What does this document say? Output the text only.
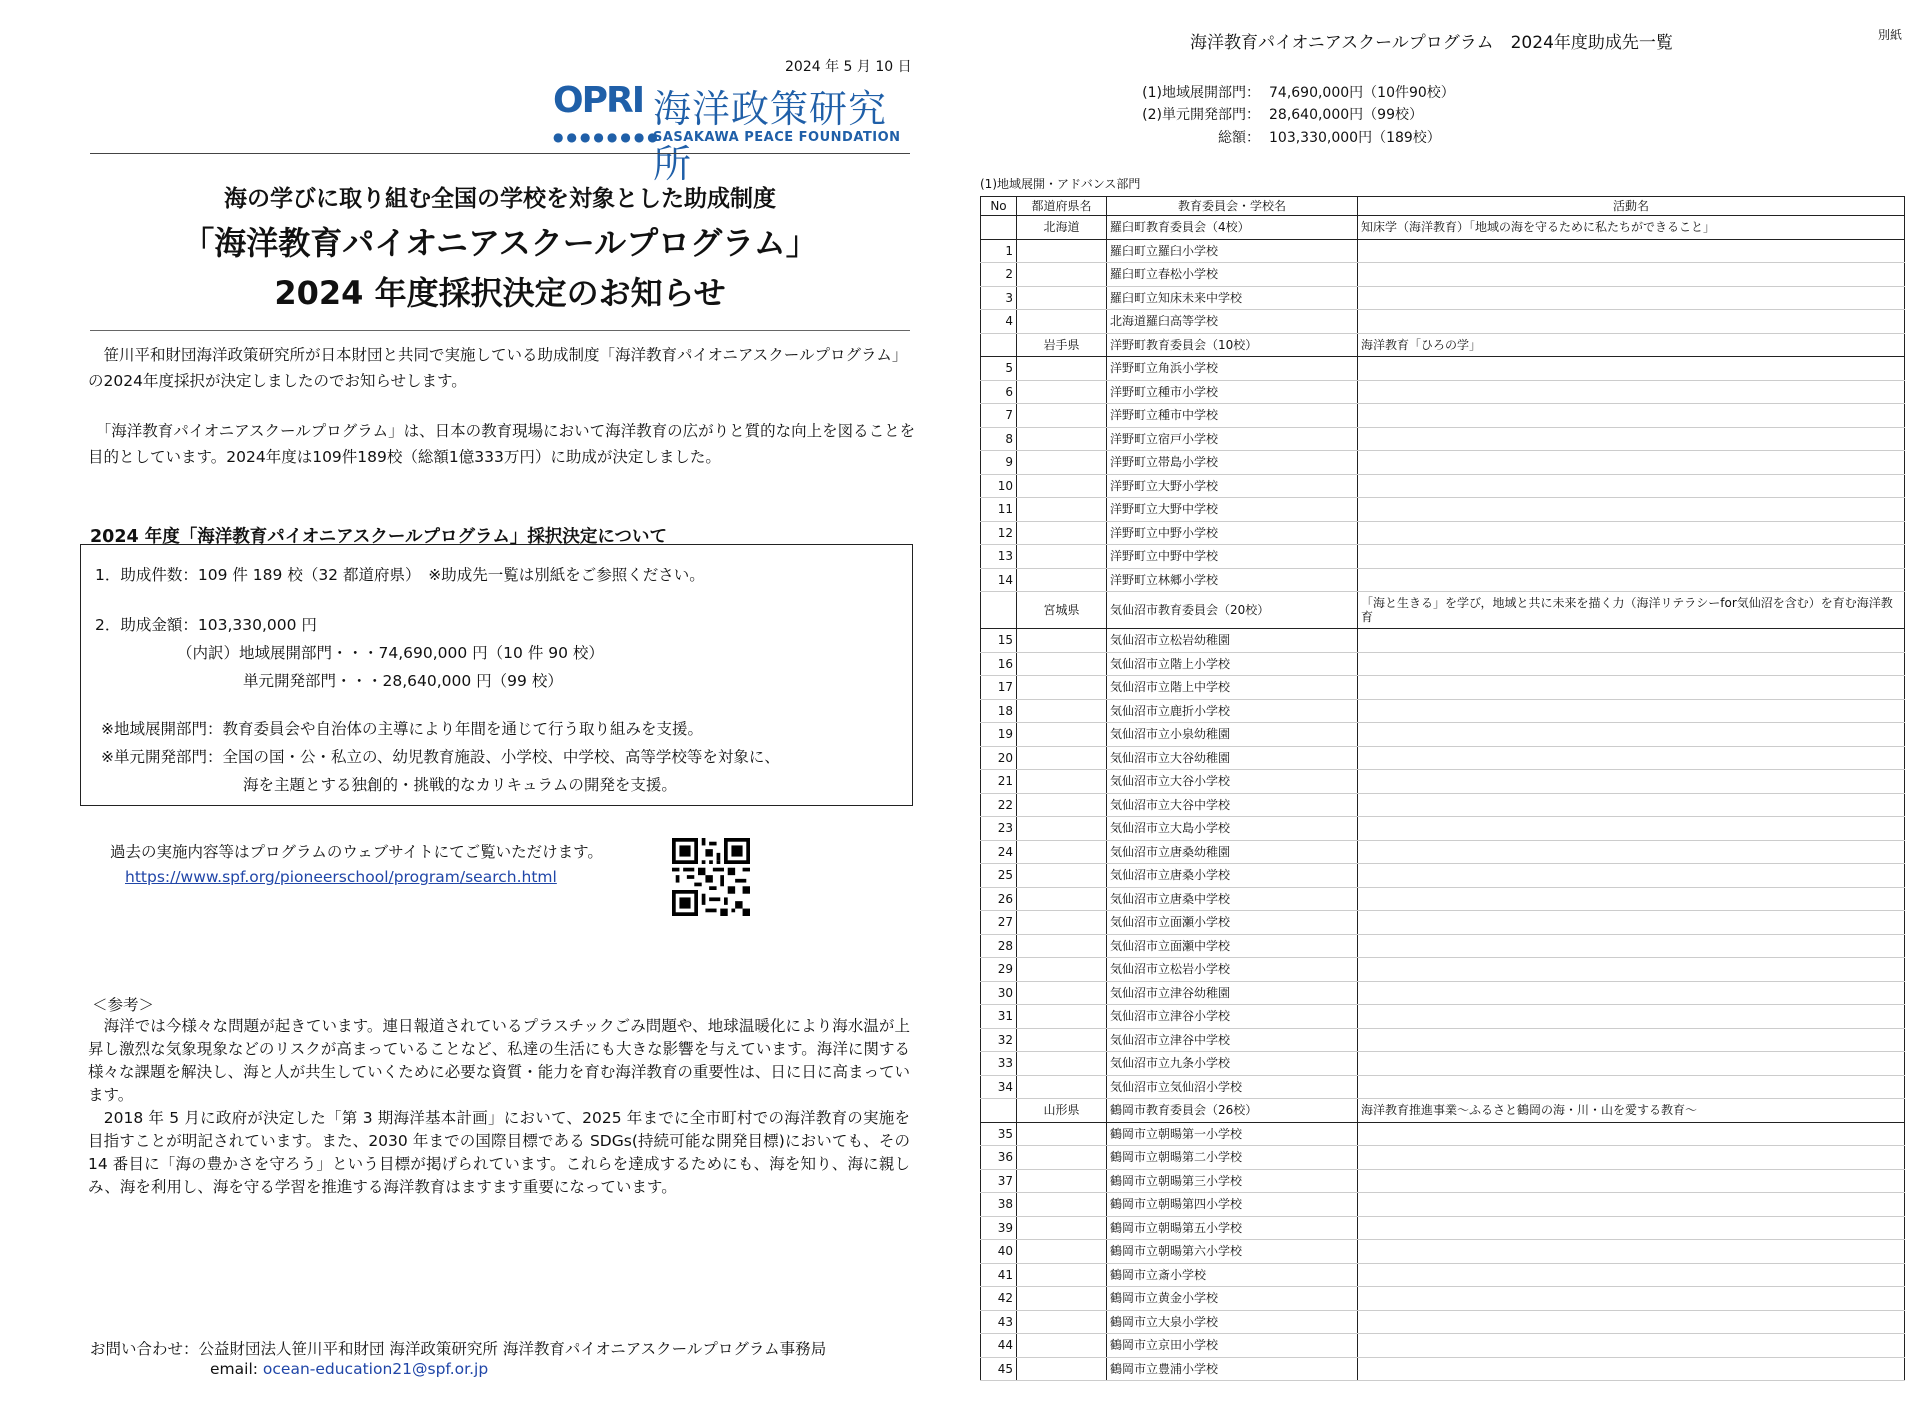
2024 年 5 月 10 日
OPRI 海洋政策研究所
●●●●●●●●
SASAKAWA PEACE FOUNDATION
海の学びに取り組む全国の学校を対象とした助成制度
「海洋教育パイオニアスクールプログラム」
2024 年度採択決定のお知らせ
　笹川平和財団海洋政策研究所が日本財団と共同で実施している助成制度「海洋教育パイオニアスクールプログラム」の2024年度採択が決定しましたのでお知らせします。
　「海洋教育パイオニアスクールプログラム」は、日本の教育現場において海洋教育の広がりと質的な向上を図ることを目的としています。2024年度は109件189校（総額1億333万円）に助成が決定しました。
2024 年度「海洋教育パイオニアスクールプログラム」採択決定について
1．助成件数：109 件 189 校（32 都道府県）　※助成先一覧は別紙をご参照ください。
2．助成金額：103,330,000 円
（内訳）地域展開部門・・・74,690,000 円（10 件 90 校）
単元開発部門・・・28,640,000 円（99 校）
※地域展開部門：教育委員会や自治体の主導により年間を通じて行う取り組みを支援。
※単元開発部門：全国の国・公・私立の、幼児教育施設、小学校、中学校、高等学校等を対象に、
海を主題とする独創的・挑戦的なカリキュラムの開発を支援。
過去の実施内容等はプログラムのウェブサイトにてご覧いただけます。
https://www.spf.org/pioneerschool/program/search.html
＜参考＞
　海洋では今様々な問題が起きています。連日報道されているプラスチックごみ問題や、地球温暖化により海水温が上昇し激烈な気象現象などのリスクが高まっていることなど、私達の生活にも大きな影響を与えています。海洋に関する様々な課題を解決し、海と人が共生していくために必要な資質・能力を育む海洋教育の重要性は、日に日に高まっています。
　2018 年 5 月に政府が決定した「第 3 期海洋基本計画」において、2025 年までに全市町村での海洋教育の実施を目指すことが明記されています。また、2030 年までの国際目標である SDGs(持続可能な開発目標)においても、その 14 番目に「海の豊かさを守ろう」という目標が掲げられています。これらを達成するためにも、海を知り、海に親しみ、海を利用し、海を守る学習を推進する海洋教育はますます重要になっています。
お問い合わせ：公益財団法人笹川平和財団 海洋政策研究所 海洋教育パイオニアスクールプログラム事務局
email: ocean-education21@spf.or.jp
海洋教育パイオニアスクールプログラム　2024年度助成先一覧	別紙
(1)地域展開部門： 74,690,000円（10件90校）
(2)単元開発部門： 28,640,000円（99校）
総額： 103,330,000円（189校）
(1)地域展開・アドバンス部門
No	都道府県名	教育委員会・学校名	活動名
	北海道	羅臼町教育委員会（4校）	知床学（海洋教育）「地域の海を守るために私たちができること」
1		羅臼町立羅臼小学校	
2		羅臼町立春松小学校	
3		羅臼町立知床未来中学校	
4		北海道羅臼高等学校	
	岩手県	洋野町教育委員会（10校）	海洋教育「ひろの学」
5		洋野町立角浜小学校	
6		洋野町立種市小学校	
7		洋野町立種市中学校	
8		洋野町立宿戸小学校	
9		洋野町立帯島小学校	
10		洋野町立大野小学校	
11		洋野町立大野中学校	
12		洋野町立中野小学校	
13		洋野町立中野中学校	
14		洋野町立林郷小学校	
	宮城県	気仙沼市教育委員会（20校）	「海と生きる」を学び，地域と共に未来を描く力（海洋リテラシーfor気仙沼を含む）を育む海洋教育
15		気仙沼市立松岩幼稚園	
16		気仙沼市立階上小学校	
17		気仙沼市立階上中学校	
18		気仙沼市立鹿折小学校	
19		気仙沼市立小泉幼稚園	
20		気仙沼市立大谷幼稚園	
21		気仙沼市立大谷小学校	
22		気仙沼市立大谷中学校	
23		気仙沼市立大島小学校	
24		気仙沼市立唐桑幼稚園	
25		気仙沼市立唐桑小学校	
26		気仙沼市立唐桑中学校	
27		気仙沼市立面瀬小学校	
28		気仙沼市立面瀬中学校	
29		気仙沼市立松岩小学校	
30		気仙沼市立津谷幼稚園	
31		気仙沼市立津谷小学校	
32		気仙沼市立津谷中学校	
33		気仙沼市立九条小学校	
34		気仙沼市立気仙沼小学校	
	山形県	鶴岡市教育委員会（26校）	海洋教育推進事業～ふるさと鶴岡の海・川・山を愛する教育～
35		鶴岡市立朝暘第一小学校	
36		鶴岡市立朝暘第二小学校	
37		鶴岡市立朝暘第三小学校	
38		鶴岡市立朝暘第四小学校	
39		鶴岡市立朝暘第五小学校	
40		鶴岡市立朝暘第六小学校	
41		鶴岡市立斎小学校	
42		鶴岡市立黄金小学校	
43		鶴岡市立大泉小学校	
44		鶴岡市立京田小学校	
45		鶴岡市立豊浦小学校	
